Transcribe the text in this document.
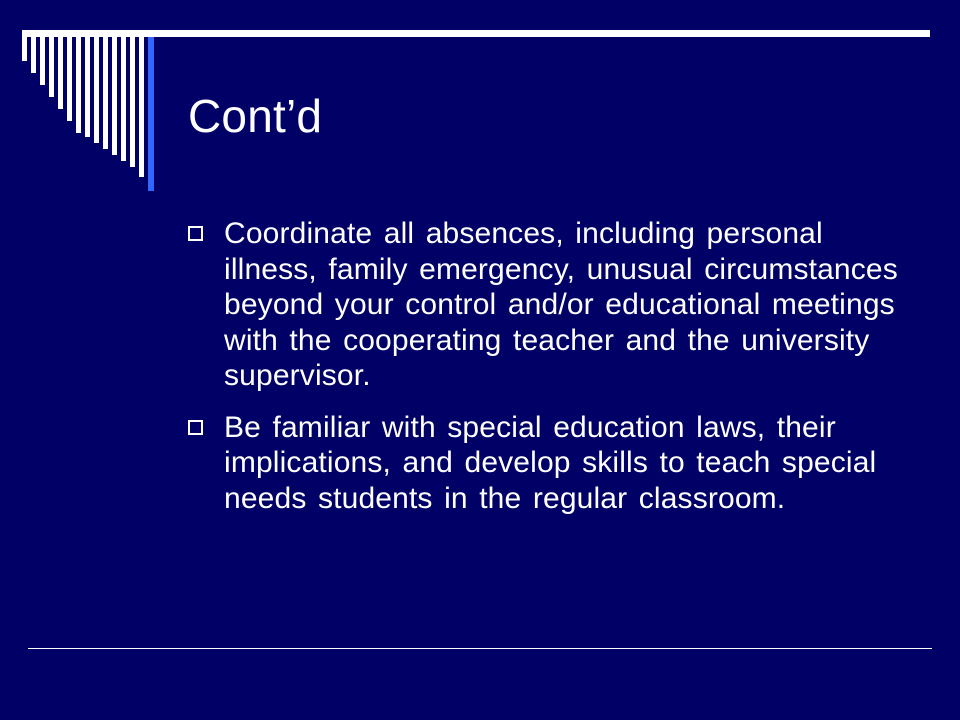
Cont’d
Coordinate all absences, including personal illness, family emergency, unusual circumstances beyond your control and/or educational meetings with the cooperating teacher and the university supervisor.
Be familiar with special education laws, their implications, and develop skills to teach special needs students in the regular classroom.
